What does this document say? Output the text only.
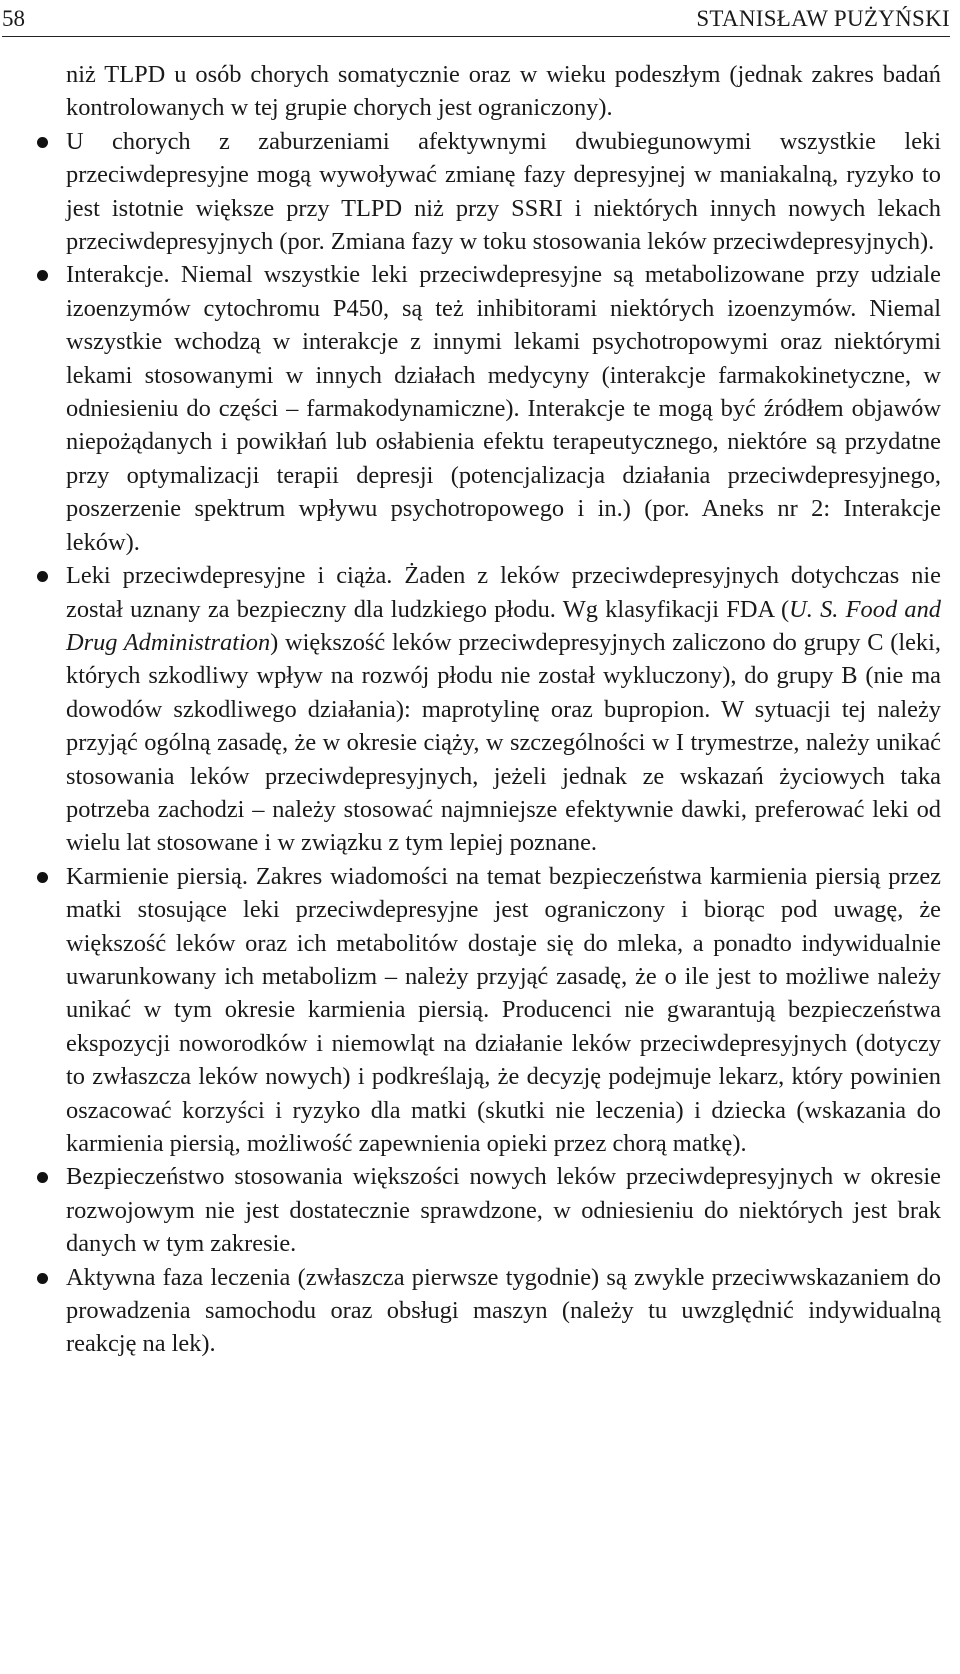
58	STANISŁAW PUŻYŃSKI

niż TLPD u osób chorych somatycznie oraz w wieku podeszłym (jednak zakres badań kontrolowanych w tej grupie chorych jest ograniczony).

U chorych z zaburzeniami afektywnymi dwubiegunowymi wszystkie leki przeciwdepresyjne mogą wywoływać zmianę fazy depresyjnej w maniakalną, ryzyko to jest istotnie większe przy TLPD niż przy SSRI i niektórych innych nowych lekach przeciwdepresyjnych (por. Zmiana fazy w toku stosowania leków przeciwdepresyjnych).
Interakcje. Niemal wszystkie leki przeciwdepresyjne są metabolizowane przy udziale izoenzymów cytochromu P450, są też inhibitorami niektórych izoenzymów. Niemal wszystkie wchodzą w interakcje z innymi lekami psychotropowymi oraz niektórymi lekami stosowanymi w innych działach medycyny (interakcje farmakokinetyczne, w odniesieniu do części – farmakodynamiczne). Interakcje te mogą być źródłem objawów niepożądanych i powikłań lub osłabienia efektu terapeutycznego, niektóre są przydatne przy optymalizacji terapii depresji (potencjalizacja działania przeciwdepresyjnego, poszerzenie spektrum wpływu psychotropowego i in.) (por. Aneks nr 2: Interakcje leków).
Leki przeciwdepresyjne i ciąża. Żaden z leków przeciwdepresyjnych dotychczas nie został uznany za bezpieczny dla ludzkiego płodu. Wg klasyfikacji FDA (U. S. Food and Drug Administration) większość leków przeciwdepresyjnych zaliczono do grupy C (leki, których szkodliwy wpływ na rozwój płodu nie został wykluczony), do grupy B (nie ma dowodów szkodliwego działania): maprotylinę oraz bupropion. W sytuacji tej należy przyjąć ogólną zasadę, że w okresie ciąży, w szczególności w I trymestrze, należy unikać stosowania leków przeciwdepresyjnych, jeżeli jednak ze wskazań życiowych taka potrzeba zachodzi – należy stosować najmniejsze efektywnie dawki, preferować leki od wielu lat stosowane i w związku z tym lepiej poznane.
Karmienie piersią. Zakres wiadomości na temat bezpieczeństwa karmienia piersią przez matki stosujące leki przeciwdepresyjne jest ograniczony i biorąc pod uwagę, że większość leków oraz ich metabolitów dostaje się do mleka, a ponadto indywidualnie uwarunkowany ich metabolizm – należy przyjąć zasadę, że o ile jest to możliwe należy unikać w tym okresie karmienia piersią. Producenci nie gwarantują bezpieczeństwa ekspozycji noworodków i niemowląt na działanie leków przeciwdepresyjnych (dotyczy to zwłaszcza leków nowych) i podkreślają, że decyzję podejmuje lekarz, który powinien oszacować korzyści i ryzyko dla matki (skutki nie leczenia) i dziecka (wskazania do karmienia piersią, możliwość zapewnienia opieki przez chorą matkę).
Bezpieczeństwo stosowania większości nowych leków przeciwdepresyjnych w okresie rozwojowym nie jest dostatecznie sprawdzone, w odniesieniu do niektórych jest brak danych w tym zakresie.
Aktywna faza leczenia (zwłaszcza pierwsze tygodnie) są zwykle przeciwwskazaniem do prowadzenia samochodu oraz obsługi maszyn (należy tu uwzględnić indywidualną reakcję na lek).
